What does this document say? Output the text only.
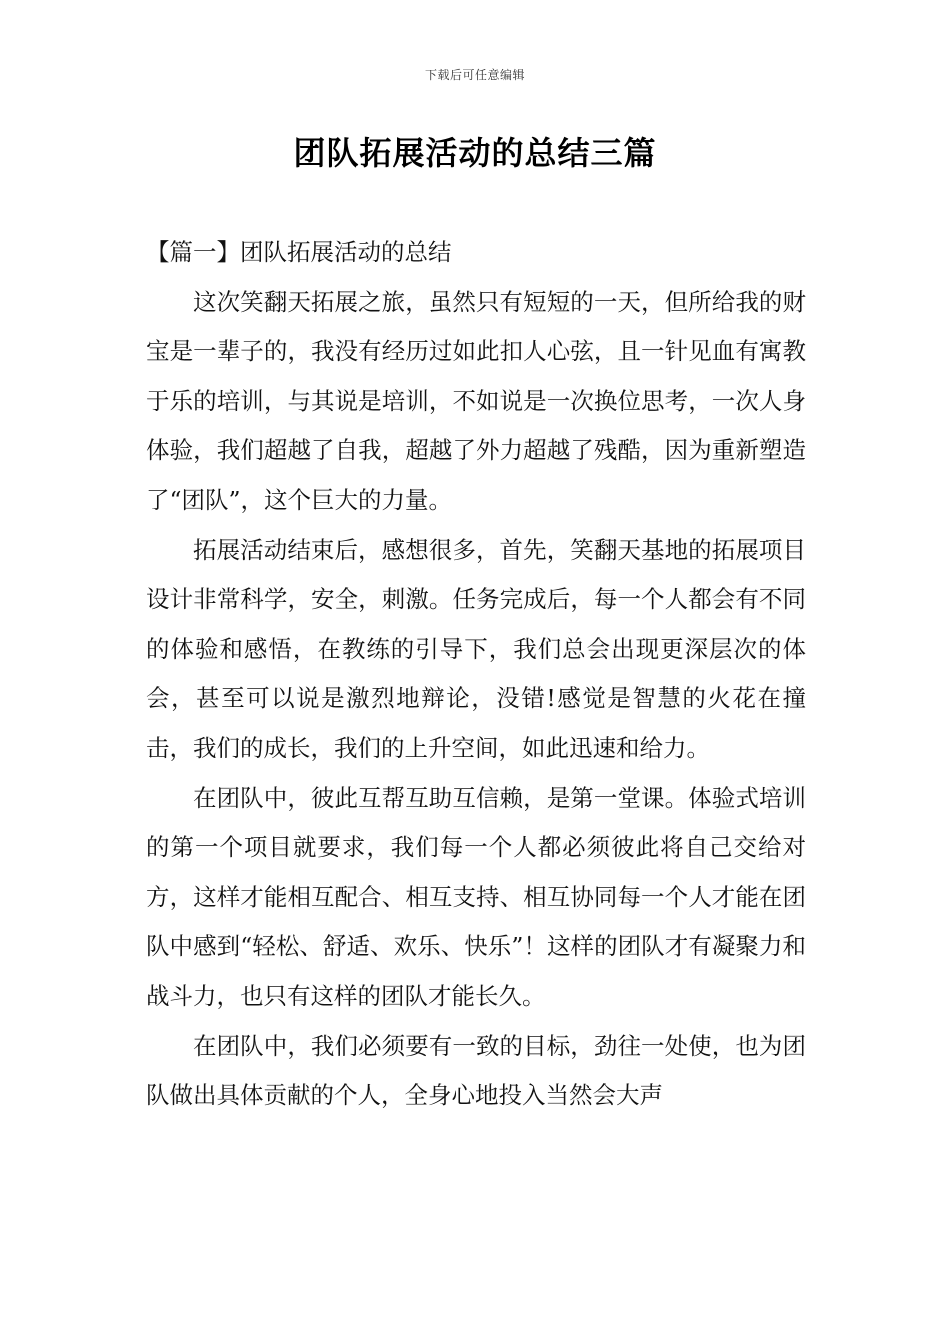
下载后可任意编辑
团队拓展活动的总结三篇
【篇一】团队拓展活动的总结

这次笑翻天拓展之旅，虽然只有短短的一天，但所给我的财宝是一辈子的，我没有经历过如此扣人心弦，且一针见血有寓教于乐的培训，与其说是培训，不如说是一次换位思考，一次人身体验，我们超越了自我，超越了外力超越了残酷，因为重新塑造了“团队”，这个巨大的力量。

拓展活动结束后，感想很多，首先，笑翻天基地的拓展项目设计非常科学，安全，刺激。任务完成后，每一个人都会有不同的体验和感悟，在教练的引导下，我们总会出现更深层次的体会，甚至可以说是激烈地辩论，没错!感觉是智慧的火花在撞击，我们的成长，我们的上升空间，如此迅速和给力。

在团队中，彼此互帮互助互信赖，是第一堂课。体验式培训的第一个项目就要求，我们每一个人都必须彼此将自己交给对方，这样才能相互配合、相互支持、相互协同每一个人才能在团队中感到“轻松、舒适、欢乐、快乐”！这样的团队才有凝聚力和战斗力，也只有这样的团队才能长久。

在团队中，我们必须要有一致的目标，劲往一处使，也为团队做出具体贡献的个人，全身心地投入当然会大声
